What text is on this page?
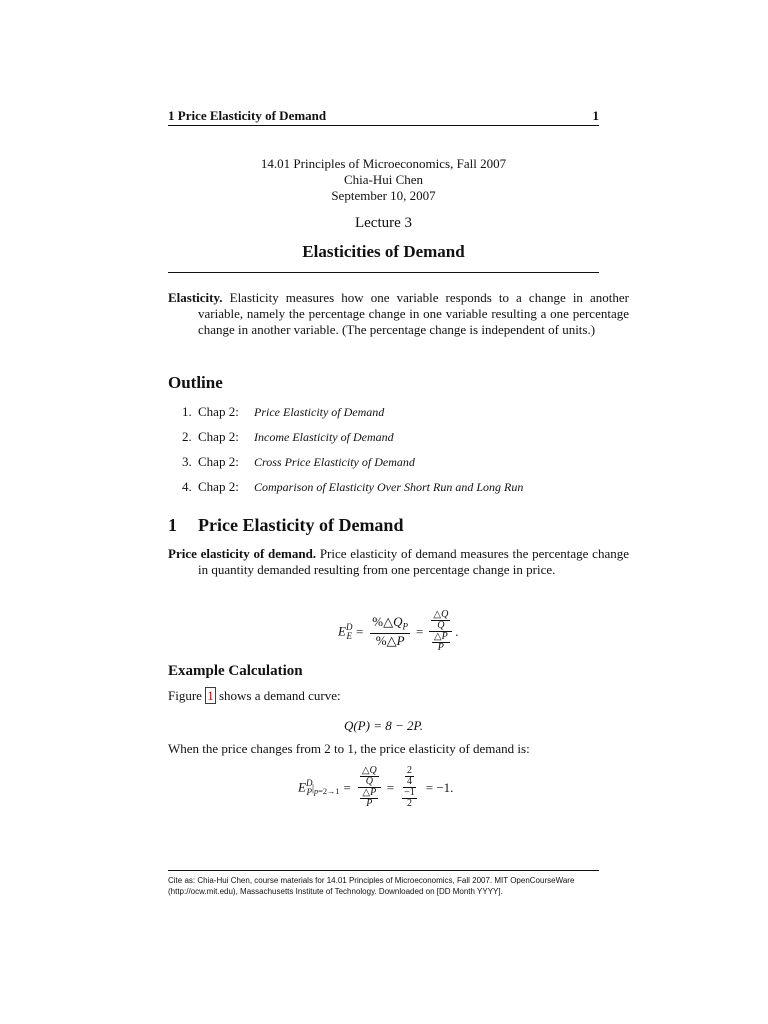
1 Price Elasticity of Demand	1
14.01 Principles of Microeconomics, Fall 2007
Chia-Hui Chen
September 10, 2007
Lecture 3
Elasticities of Demand
Elasticity. Elasticity measures how one variable responds to a change in another variable, namely the percentage change in one variable resulting a one percentage change in another variable. (The percentage change is independent of units.)
Outline
1. Chap 2:	Price Elasticity of Demand
2. Chap 2:	Income Elasticity of Demand
3. Chap 2:	Cross Price Elasticity of Demand
4. Chap 2:	Comparison of Elasticity Over Short Run and Long Run
1 Price Elasticity of Demand
Price elasticity of demand. Price elasticity of demand measures the percentage change in quantity demanded resulting from one percentage change in price.
$E^D_E = \frac{\%\triangle Q_P}{\%\triangle P} = \frac{\frac{\triangle Q}{Q}}{\frac{\triangle P}{P}}$ .
Example Calculation
Figure 1 shows a demand curve:
Q(P) = 8 − 2P.
When the price changes from 2 to 1, the price elasticity of demand is:
$E^D_P|_{p=2\to 1} = \frac{\frac{\triangle Q}{Q}}{\frac{\triangle P}{P}} = \frac{\frac{2}{4}}{\frac{-1}{2}} = -1$.
Cite as: Chia-Hui Chen, course materials for 14.01 Principles of Microeconomics, Fall 2007. MIT OpenCourseWare (http://ocw.mit.edu), Massachusetts Institute of Technology. Downloaded on [DD Month YYYY].
